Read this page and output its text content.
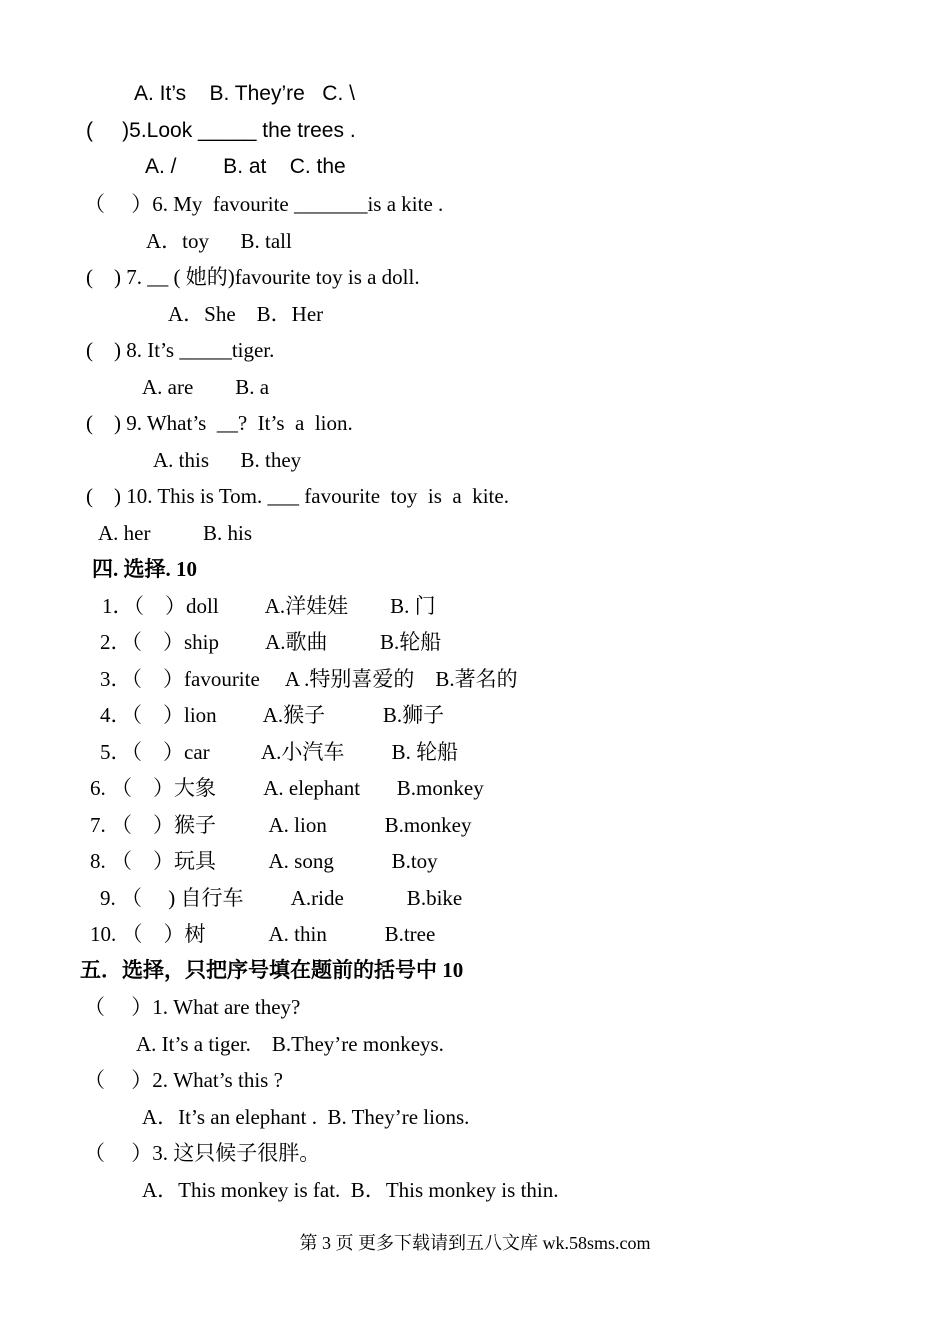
A. It’s    B. They’re   C. \
(     )5.Look _____ the trees .
A. /        B. at    C. the
（     ）6. My  favourite _______is a kite .
A．toy      B. tall
(    ) 7. __ ( 她的)favourite toy is a doll.
A．She    B．Her
(    ) 8. It’s _____tiger.
A. are        B. a
(    ) 9. What’s  __?  It’s  a  lion.
A. this      B. they
(    ) 10. This is Tom. ___ favourite  toy  is  a  kite.
A. her          B. his
四. 选择. 10
1．（    ）doll         A.洋娃娃        B. 门
2．（    ）ship         A.歌曲          B.轮船
3．（    ）favourite     A .特别喜爱的    B.著名的
4．（    ）lion         A.猴子           B.狮子
5．（    ）car          A.小汽车         B. 轮船
6. （    ）大象         A. elephant       B.monkey
7. （    ）猴子          A. lion           B.monkey
8. （    ）玩具          A. song           B.toy
9. （     ) 自行车         A.ride            B.bike
10. （    ）树            A. thin           B.tree
五．选择，只把序号填在题前的括号中 10
（     ）1. What are they?
A. It’s a tiger.    B.They’re monkeys.
（     ）2. What’s this ?
A．It’s an elephant .  B. They’re lions.
（     ）3. 这只候子很胖。
A．This monkey is fat.  B．This monkey is thin.
第 3 页 更多下载请到五八文库 wk.58sms.com
